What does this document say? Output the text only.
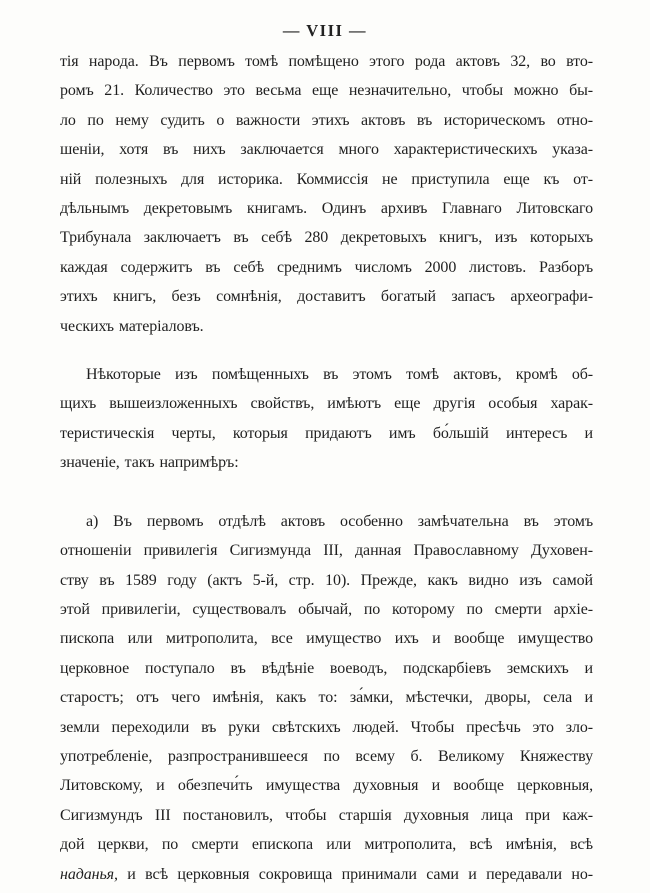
— VIII —
тія народа. Въ первомъ томѣ помѣщено этого рода актовъ 32, во вто-
ромъ 21. Количество это весьма еще незначительно, чтобы можно бы-
ло по нему судить о важности этихъ актовъ въ историческомъ отно-
шеніи, хотя въ нихъ заключается много характеристическихъ указа-
ній полезныхъ для историка. Коммиссія не приступила еще къ от-
дѣльнымъ декретовымъ книгамъ. Одинъ архивъ Главнаго Литовскаго
Трибунала заключаетъ въ себѣ 280 декретовыхъ книгъ, изъ которыхъ
каждая содержитъ въ себѣ среднимъ числомъ 2000 листовъ. Разборъ
этихъ книгъ, безъ сомнѣнія, доставитъ богатый запасъ археографи-
ческихъ матеріаловъ.
Нѣкоторые изъ помѣщенныхъ въ этомъ томѣ актовъ, кромѣ об-
щихъ вышеизложенныхъ свойствъ, имѣютъ еще другія особыя харак-
теристическія черты, которыя придаютъ имъ бо́льшій интересъ и
значеніе, такъ напримѣръ:
а) Въ первомъ отдѣлѣ актовъ особенно замѣчательна въ этомъ
отношеніи привилегія Сигизмунда III, данная Православному Духовен-
ству въ 1589 году (актъ 5-й, стр. 10). Прежде, какъ видно изъ самой
этой привилегіи, существовалъ обычай, по которому по смерти архіе-
пископа или митрополита, все имущество ихъ и вообще имущество
церковное поступало въ вѣдѣніе воеводъ, подскарбіевъ земскихъ и
старостъ; отъ чего имѣнія, какъ то: за́мки, мѣстечки, дворы, села и
земли переходили въ руки свѣтскихъ людей. Чтобы пресѣчь это зло-
употребленіе, разпространившееся по всему б. Великому Княжеству
Литовскому, и обезпечи́ть имущества духовныя и вообще церковныя,
Сигизмундъ III постановилъ, чтобы старшія духовныя лица при каж-
дой церкви, по смерти епископа или митрополита, всѣ имѣнія, всѣ
наданья, и всѣ церковныя сокровища принимали сами и передавали но-
